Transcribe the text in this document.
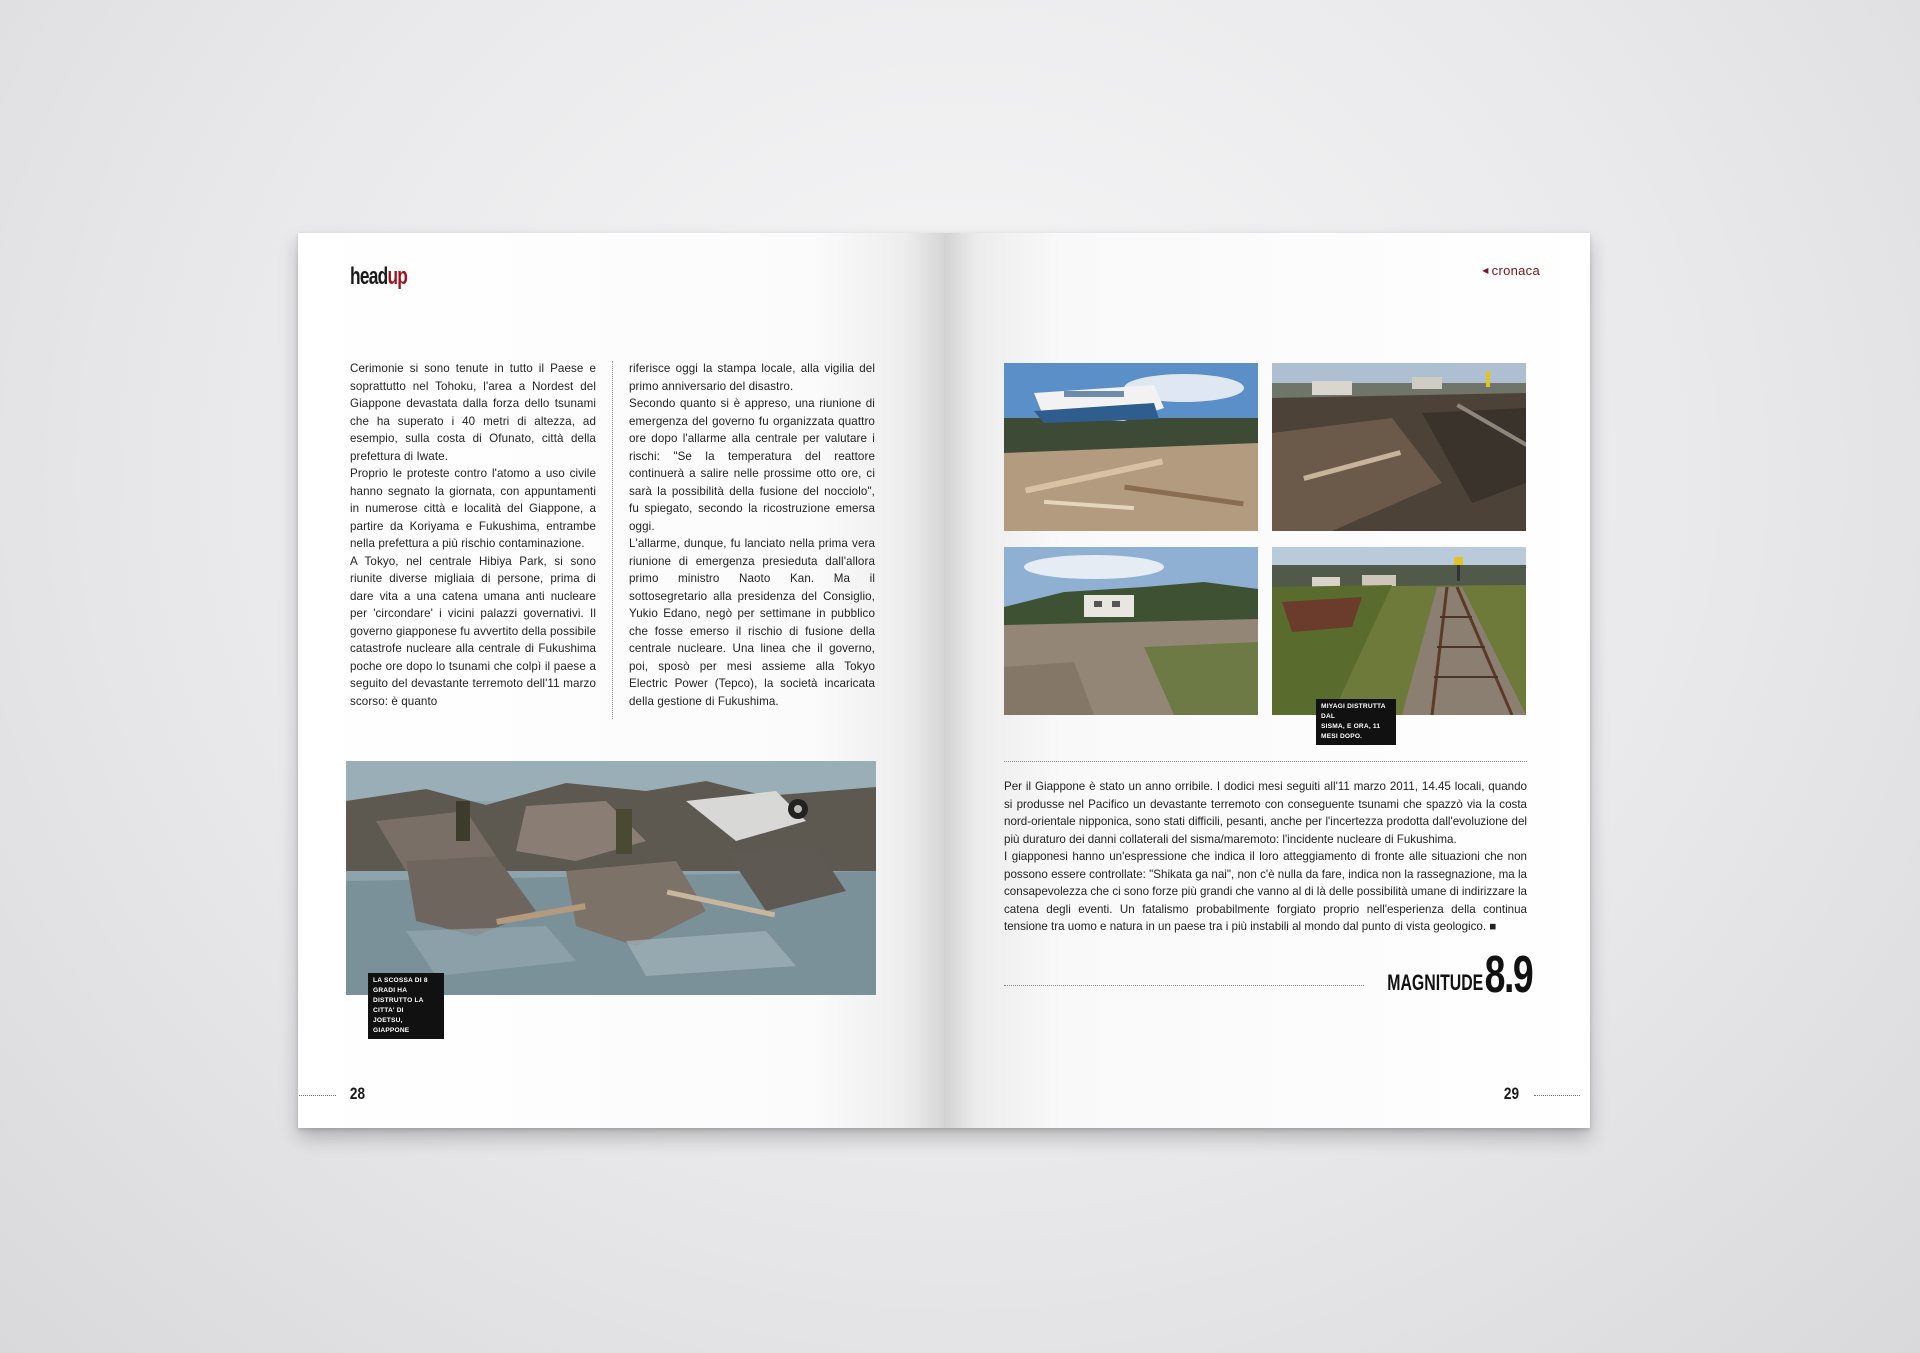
headup

Cerimonie si sono tenute in tutto il Paese e soprattutto nel Tohoku, l'area a Nordest del Giappone devastata dalla forza dello tsunami che ha superato i 40 metri di altezza, ad esempio, sulla costa di Ofunato, città della prefettura di Iwate.

Proprio le proteste contro l'atomo a uso civile hanno segnato la giornata, con appuntamenti in numerose città e località del Giappone, a partire da Koriyama e Fukushima, entrambe nella prefettura a più rischio contaminazione.

A Tokyo, nel centrale Hibiya Park, si sono riunite diverse migliaia di persone, prima di dare vita a una catena umana anti nucleare per 'circondare' i vicini palazzi governativi. Il governo giapponese fu avvertito della possibile catastrofe nucleare alla centrale di Fukushima poche ore dopo lo tsunami che colpì il paese a seguito del devastante terremoto dell'11 marzo scorso: è quanto

riferisce oggi la stampa locale, alla vigilia del primo anniversario del disastro.

Secondo quanto si è appreso, una riunione di emergenza del governo fu organizzata quattro ore dopo l'allarme alla centrale per valutare i rischi: "Se la temperatura del reattore continuerà a salire nelle prossime otto ore, ci sarà la possibilità della fusione del nocciolo", fu spiegato, secondo la ricostruzione emersa oggi.

L'allarme, dunque, fu lanciato nella prima vera riunione di emergenza presieduta dall'allora primo ministro Naoto Kan. Ma il sottosegretario alla presidenza del Consiglio, Yukio Edano, negò per settimane in pubblico che fosse emerso il rischio di fusione della centrale nucleare. Una linea che il governo, poi, sposò per mesi assieme alla Tokyo Electric Power (Tepco), la società incaricata della gestione di Fukushima.

LA SCOSSA DI 8 GRADI HA
DISTRUTTO LA CITTA' DI
JOETSU, GIAPPONE
28
◀ cronaca
MIYAGI DISTRUTTA DAL
SISMA, E ORA, 11 MESI DOPO.

Per il Giappone è stato un anno orribile. I dodici mesi seguiti all'11 marzo 2011, 14.45 locali, quando si produsse nel Pacifico un devastante terremoto con conseguente tsunami che spazzò via la costa nord-orientale nipponica, sono stati difficili, pesanti, anche per l'incertezza prodotta dall'evoluzione del più duraturo dei danni collaterali del sisma/maremoto: l'incidente nucleare di Fukushima.

I giapponesi hanno un'espressione che indica il loro atteggiamento di fronte alle situazioni che non possono essere controllate: "Shikata ga nai", non c'è nulla da fare, indica non la rassegnazione, ma la consapevolezza che ci sono forze più grandi che vanno al di là delle possibilità umane di indirizzare la catena degli eventi. Un fatalismo probabilmente forgiato proprio nell'esperienza della continua tensione tra uomo e natura in un paese tra i più instabili al mondo dal punto di vista geologico. ■

MAGNITUDE 8.9
29
